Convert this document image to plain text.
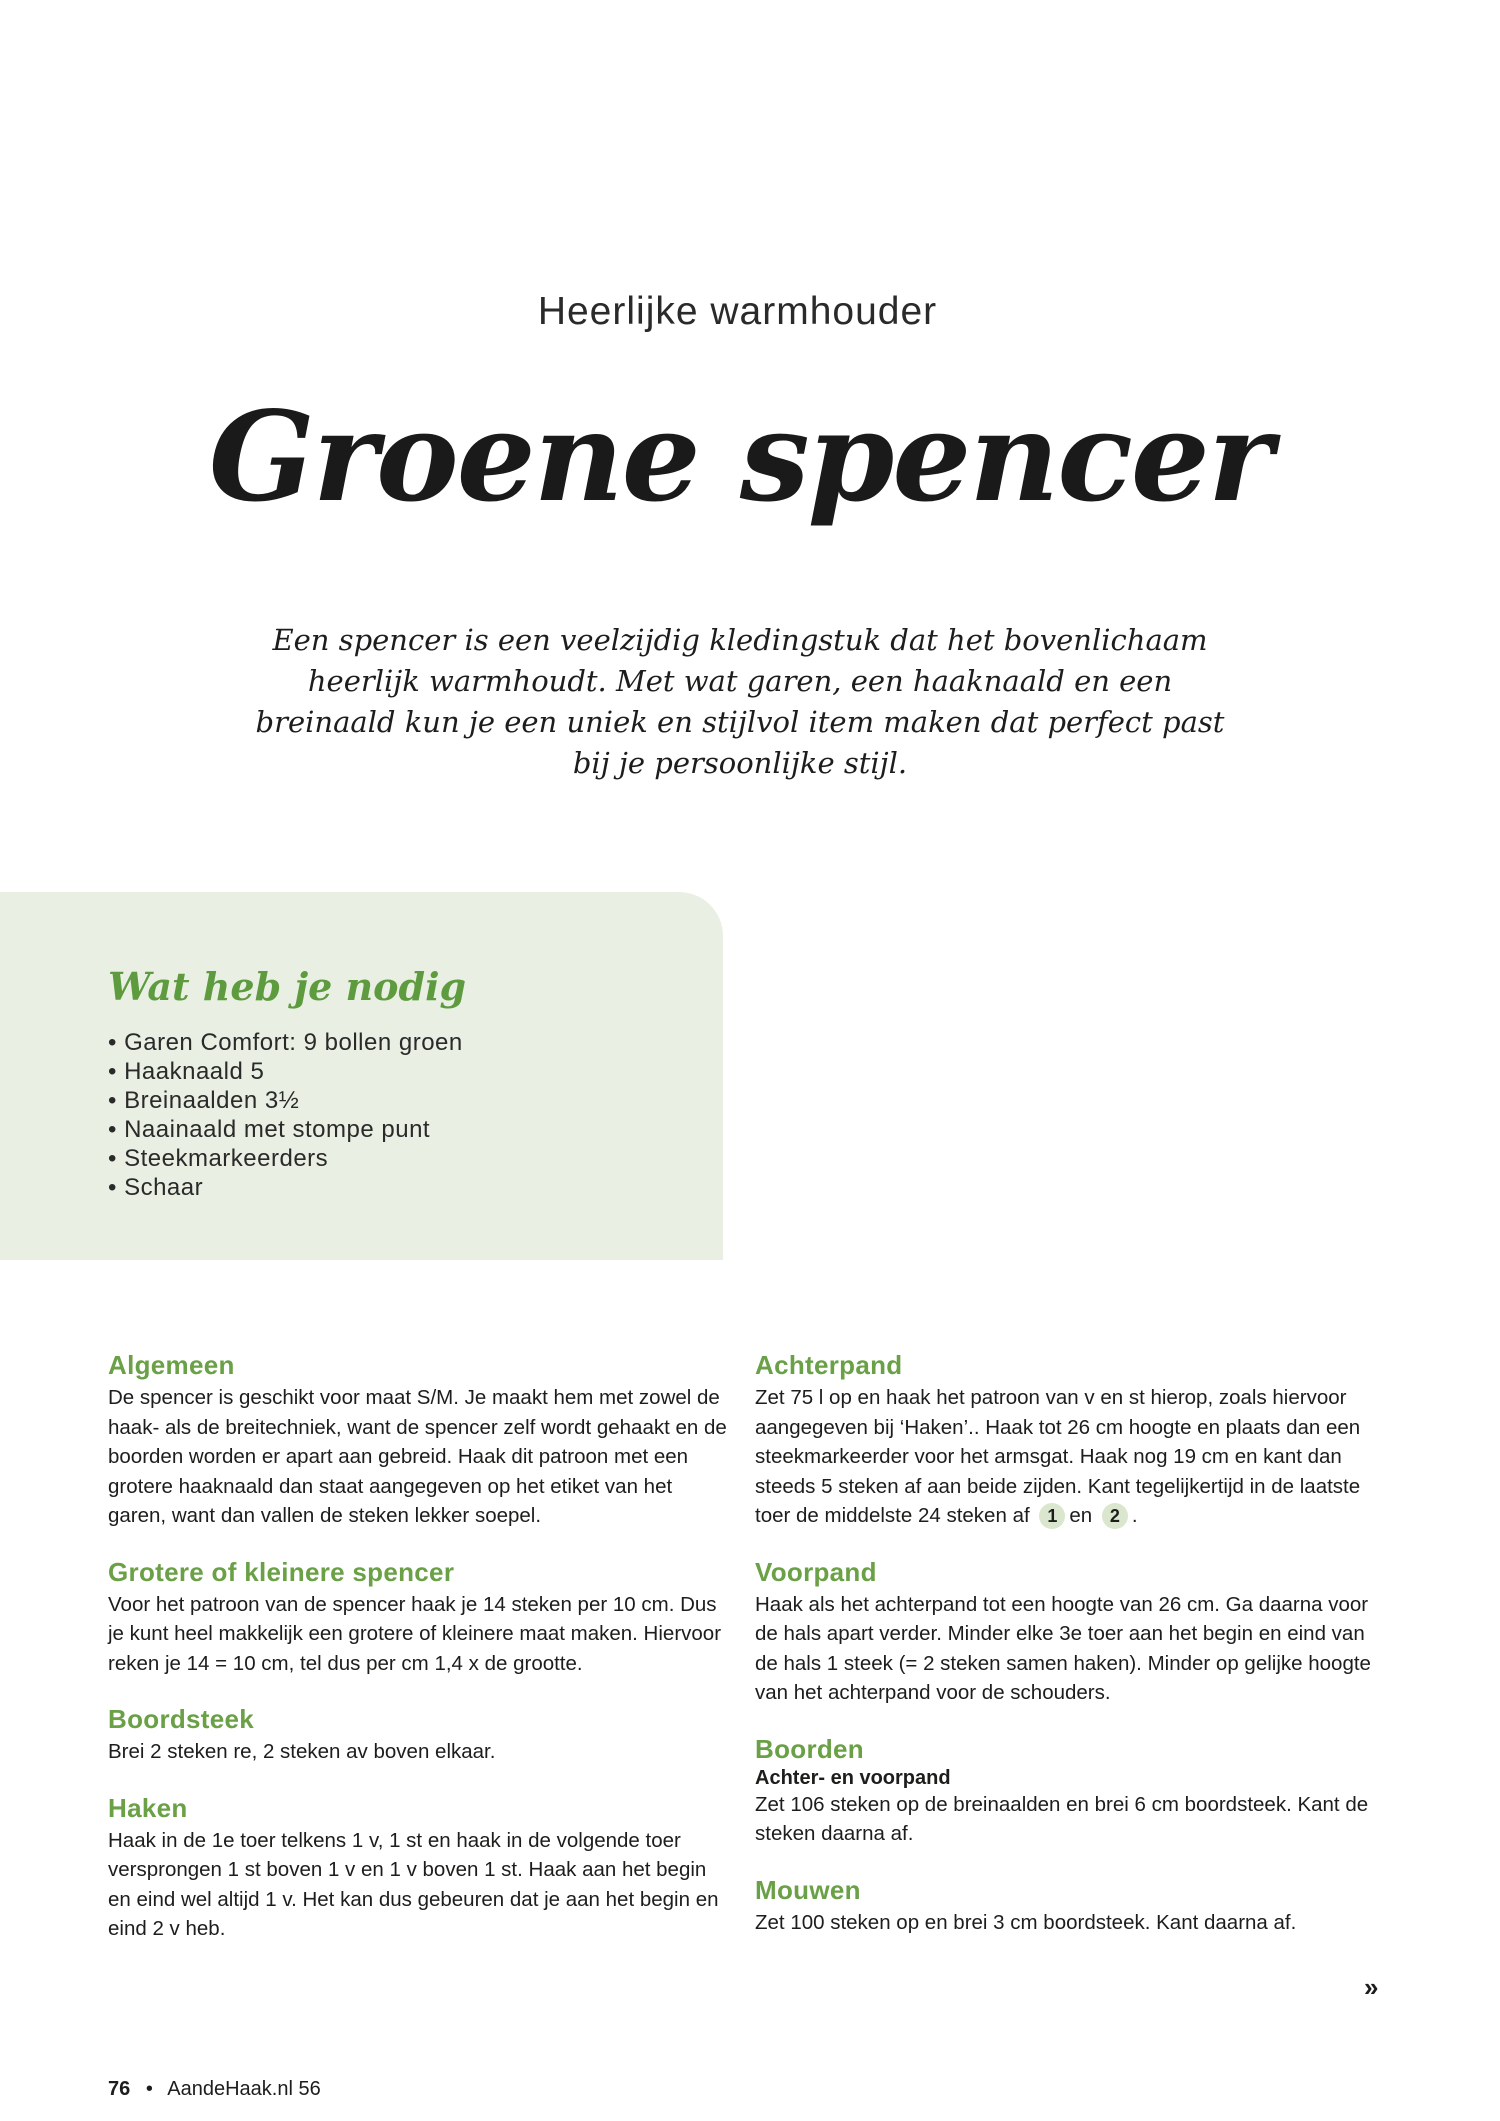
Heerlijke warmhouder
Groene spencer
Een spencer is een veelzijdig kledingstuk dat het bovenlichaam heerlijk warmhoudt. Met wat garen, een haaknaald en een breinaald kun je een uniek en stijlvol item maken dat perfect past bij je persoonlijke stijl.
Wat heb je nodig
• Garen Comfort: 9 bollen groen
• Haaknaald 5
• Breinaalden 3½
• Naainaald met stompe punt
• Steekmarkeerders
• Schaar
Algemeen

De spencer is geschikt voor maat S/M. Je maakt hem met zowel de haak- als de breitechniek, want de spencer zelf wordt gehaakt en de boorden worden er apart aan gebreid. Haak dit patroon met een grotere haaknaald dan staat aangegeven op het etiket van het garen, want dan vallen de steken lekker soepel.

Grotere of kleinere spencer

Voor het patroon van de spencer haak je 14 steken per 10 cm. Dus je kunt heel makkelijk een grotere of kleinere maat maken. Hiervoor reken je 14 = 10 cm, tel dus per cm 1,4 x de grootte.

Boordsteek

Brei 2 steken re, 2 steken av boven elkaar.

Haken

Haak in de 1e toer telkens 1 v, 1 st en haak in de volgende toer versprongen 1 st boven 1 v en 1 v boven 1 st. Haak aan het begin en eind wel altijd 1 v. Het kan dus gebeuren dat je aan het begin en eind 2 v heb.

Achterpand

Zet 75 l op en haak het patroon van v en st hierop, zoals hiervoor aangegeven bij ‘Haken’.. Haak tot 26 cm hoogte en plaats dan een steekmarkeerder voor het armsgat. Haak nog 19 cm en kant dan steeds 5 steken af aan beide zijden. Kant tegelijkertijd in de laatste toer de middelste 24 steken af 1 en 2 .

Voorpand

Haak als het achterpand tot een hoogte van 26 cm. Ga daarna voor de hals apart verder. Minder elke 3e toer aan het begin en eind van de hals 1 steek (= 2 steken samen haken). Minder op gelijke hoogte van het achterpand voor de schouders.

Boorden
Achter- en voorpand

Zet 106 steken op de breinaalden en brei 6 cm boordsteek. Kant de steken daarna af.

Mouwen

Zet 100 steken op en brei 3 cm boordsteek. Kant daarna af.

»
76 • AandeHaak.nl 56
